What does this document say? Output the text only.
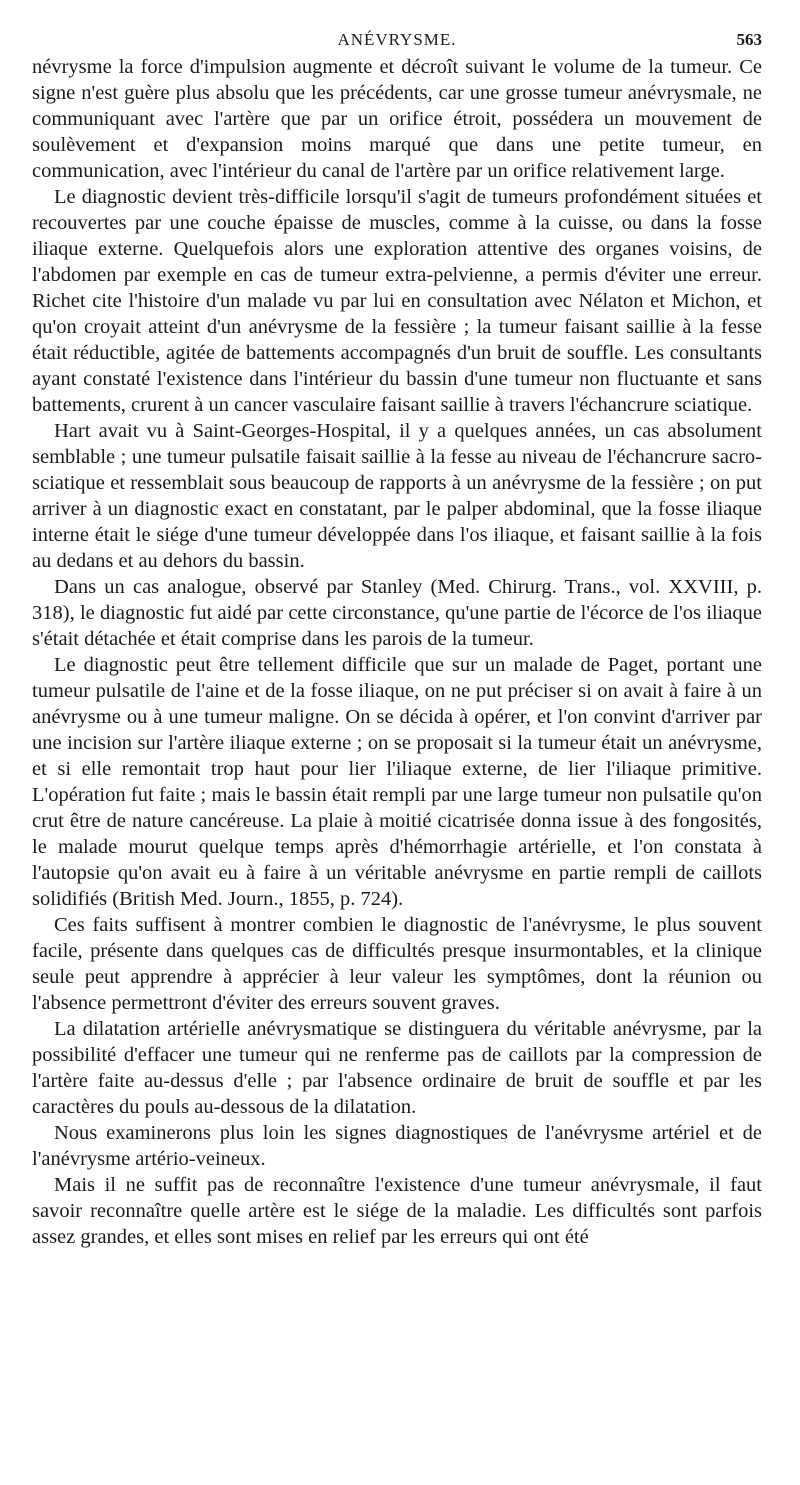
ANÉVRYSME.	563

névrysme la force d'impulsion augmente et décroît suivant le volume de la tumeur. Ce signe n'est guère plus absolu que les précédents, car une grosse tumeur anévrysmale, ne communiquant avec l'artère que par un orifice étroit, possédera un mouvement de soulèvement et d'expansion moins marqué que dans une petite tumeur, en communication, avec l'intérieur du canal de l'artère par un orifice relativement large.

Le diagnostic devient très-difficile lorsqu'il s'agit de tumeurs profondément situées et recouvertes par une couche épaisse de muscles, comme à la cuisse, ou dans la fosse iliaque externe. Quelquefois alors une exploration attentive des organes voisins, de l'abdomen par exemple en cas de tumeur extra-pelvienne, a permis d'éviter une erreur. Richet cite l'histoire d'un malade vu par lui en consultation avec Nélaton et Michon, et qu'on croyait atteint d'un anévrysme de la fessière ; la tumeur faisant saillie à la fesse était réductible, agitée de battements accompagnés d'un bruit de souffle. Les consultants ayant constaté l'existence dans l'intérieur du bassin d'une tumeur non fluctuante et sans battements, crurent à un cancer vasculaire faisant saillie à travers l'échancrure sciatique.

Hart avait vu à Saint-Georges-Hospital, il y a quelques années, un cas absolument semblable ; une tumeur pulsatile faisait saillie à la fesse au niveau de l'échancrure sacro-sciatique et ressemblait sous beaucoup de rapports à un anévrysme de la fessière ; on put arriver à un diagnostic exact en constatant, par le palper abdominal, que la fosse iliaque interne était le siége d'une tumeur développée dans l'os iliaque, et faisant saillie à la fois au dedans et au dehors du bassin.

Dans un cas analogue, observé par Stanley (Med. Chirurg. Trans., vol. XXVIII, p. 318), le diagnostic fut aidé par cette circonstance, qu'une partie de l'écorce de l'os iliaque s'était détachée et était comprise dans les parois de la tumeur.

Le diagnostic peut être tellement difficile que sur un malade de Paget, portant une tumeur pulsatile de l'aine et de la fosse iliaque, on ne put préciser si on avait à faire à un anévrysme ou à une tumeur maligne. On se décida à opérer, et l'on convint d'arriver par une incision sur l'artère iliaque externe ; on se proposait si la tumeur était un anévrysme, et si elle remontait trop haut pour lier l'iliaque externe, de lier l'iliaque primitive. L'opération fut faite ; mais le bassin était rempli par une large tumeur non pulsatile qu'on crut être de nature cancéreuse. La plaie à moitié cicatrisée donna issue à des fongosités, le malade mourut quelque temps après d'hémorrhagie artérielle, et l'on constata à l'autopsie qu'on avait eu à faire à un véritable anévrysme en partie rempli de caillots solidifiés (British Med. Journ., 1855, p. 724).

Ces faits suffisent à montrer combien le diagnostic de l'anévrysme, le plus souvent facile, présente dans quelques cas de difficultés presque insurmontables, et la clinique seule peut apprendre à apprécier à leur valeur les symptômes, dont la réunion ou l'absence permettront d'éviter des erreurs souvent graves.

La dilatation artérielle anévrysmatique se distinguera du véritable anévrysme, par la possibilité d'effacer une tumeur qui ne renferme pas de caillots par la compression de l'artère faite au-dessus d'elle ; par l'absence ordinaire de bruit de souffle et par les caractères du pouls au-dessous de la dilatation.

Nous examinerons plus loin les signes diagnostiques de l'anévrysme artériel et de l'anévrysme artério-veineux.

Mais il ne suffit pas de reconnaître l'existence d'une tumeur anévrysmale, il faut savoir reconnaître quelle artère est le siége de la maladie. Les difficultés sont parfois assez grandes, et elles sont mises en relief par les erreurs qui ont été
